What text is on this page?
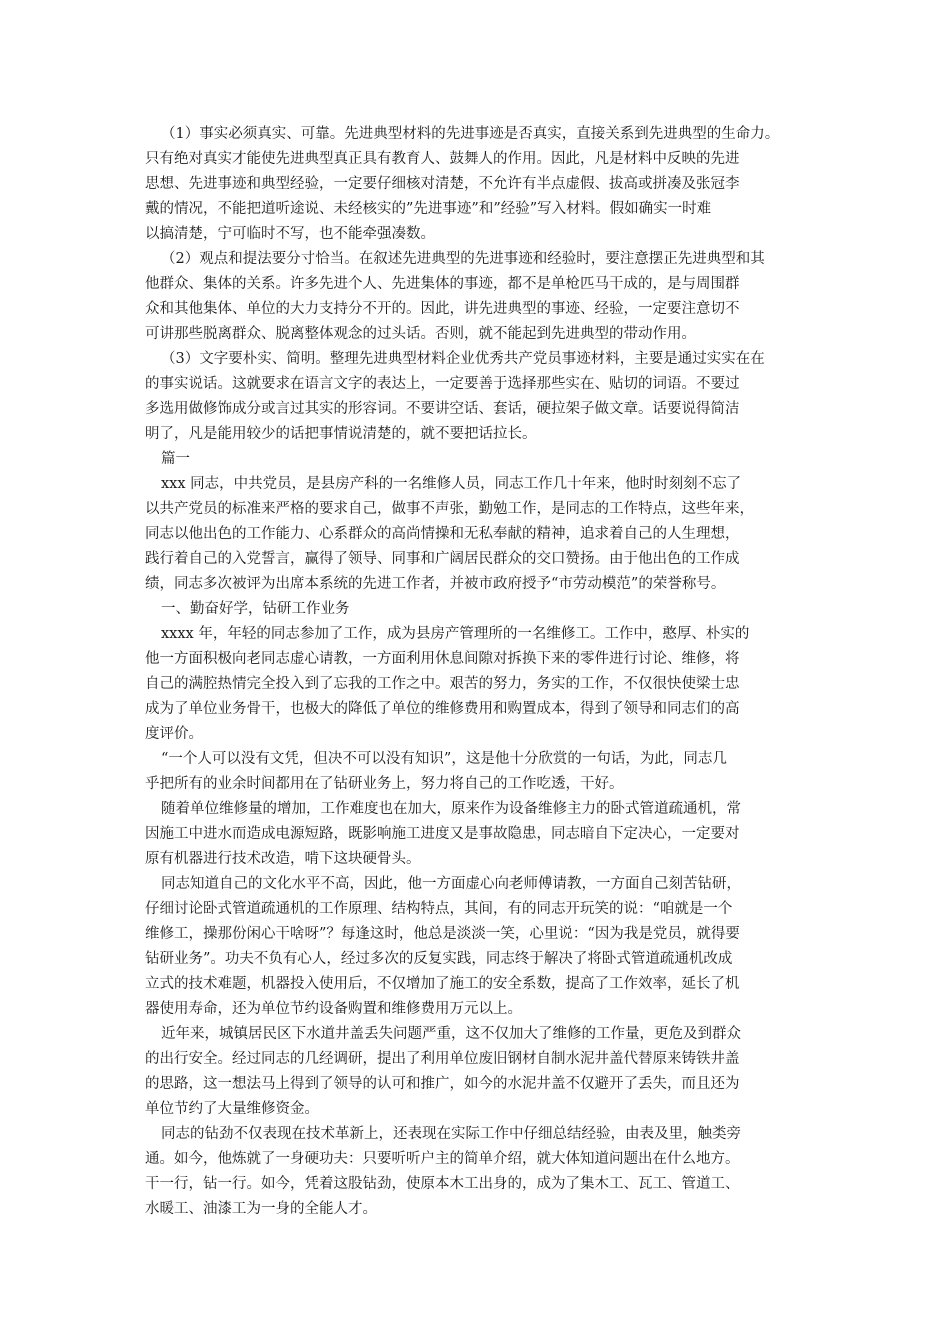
（1）事实必须真实、可靠。先进典型材料的先进事迹是否真实，直接关系到先进典型的生命力。
只有绝对真实才能使先进典型真正具有教育人、鼓舞人的作用。因此，凡是材料中反映的先进
思想、先进事迹和典型经验，一定要仔细核对清楚，不允许有半点虚假、拔高或拼凑及张冠李
戴的情况，不能把道听途说、未经核实的”先进事迹”和”经验”写入材料。假如确实一时难
以搞清楚，宁可临时不写，也不能牵强凑数。
（2）观点和提法要分寸恰当。在叙述先进典型的先进事迹和经验时，要注意摆正先进典型和其
他群众、集体的关系。许多先进个人、先进集体的事迹，都不是单枪匹马干成的，是与周围群
众和其他集体、单位的大力支持分不开的。因此，讲先进典型的事迹、经验，一定要注意切不
可讲那些脱离群众、脱离整体观念的过头话。否则，就不能起到先进典型的带动作用。
（3）文字要朴实、简明。整理先进典型材料企业优秀共产党员事迹材料，主要是通过实实在在
的事实说话。这就要求在语言文字的表达上，一定要善于选择那些实在、贴切的词语。不要过
多选用做修饰成分或言过其实的形容词。不要讲空话、套话，硬拉架子做文章。话要说得简洁
明了，凡是能用较少的话把事情说清楚的，就不要把话拉长。
篇一
xxx 同志，中共党员，是县房产科的一名维修人员，同志工作几十年来，他时时刻刻不忘了
以共产党员的标准来严格的要求自己，做事不声张，勤勉工作，是同志的工作特点，这些年来，
同志以他出色的工作能力、心系群众的高尚情操和无私奉献的精神，追求着自己的人生理想，
践行着自己的入党誓言，赢得了领导、同事和广阔居民群众的交口赞扬。由于他出色的工作成
绩，同志多次被评为出席本系统的先进工作者，并被市政府授予“市劳动模范”的荣誉称号。
一、勤奋好学，钻研工作业务
xxxx 年，年轻的同志参加了工作，成为县房产管理所的一名维修工。工作中，憨厚、朴实的
他一方面积极向老同志虚心请教，一方面利用休息间隙对拆换下来的零件进行讨论、维修，将
自己的满腔热情完全投入到了忘我的工作之中。艰苦的努力，务实的工作，不仅很快使梁士忠
成为了单位业务骨干，也极大的降低了单位的维修费用和购置成本，得到了领导和同志们的高
度评价。
“一个人可以没有文凭，但决不可以没有知识”，这是他十分欣赏的一句话，为此，同志几
乎把所有的业余时间都用在了钻研业务上，努力将自己的工作吃透，干好。
随着单位维修量的增加，工作难度也在加大，原来作为设备维修主力的卧式管道疏通机，常
因施工中进水而造成电源短路，既影响施工进度又是事故隐患，同志暗自下定决心，一定要对
原有机器进行技术改造，啃下这块硬骨头。
同志知道自己的文化水平不高，因此，他一方面虚心向老师傅请教，一方面自己刻苦钻研，
仔细讨论卧式管道疏通机的工作原理、结构特点，其间，有的同志开玩笑的说：“咱就是一个
维修工，操那份闲心干啥呀”？每逢这时，他总是淡淡一笑，心里说：“因为我是党员，就得要
钻研业务”。功夫不负有心人，经过多次的反复实践，同志终于解决了将卧式管道疏通机改成
立式的技术难题，机器投入使用后，不仅增加了施工的安全系数，提高了工作效率，延长了机
器使用寿命，还为单位节约设备购置和维修费用万元以上。
近年来，城镇居民区下水道井盖丢失问题严重，这不仅加大了维修的工作量，更危及到群众
的出行安全。经过同志的几经调研，提出了利用单位废旧钢材自制水泥井盖代替原来铸铁井盖
的思路，这一想法马上得到了领导的认可和推广，如今的水泥井盖不仅避开了丢失，而且还为
单位节约了大量维修资金。
同志的钻劲不仅表现在技术革新上，还表现在实际工作中仔细总结经验，由表及里，触类旁
通。如今，他炼就了一身硬功夫：只要听听户主的简单介绍，就大体知道问题出在什么地方。
干一行，钻一行。如今，凭着这股钻劲，使原本木工出身的，成为了集木工、瓦工、管道工、
水暖工、油漆工为一身的全能人才。
